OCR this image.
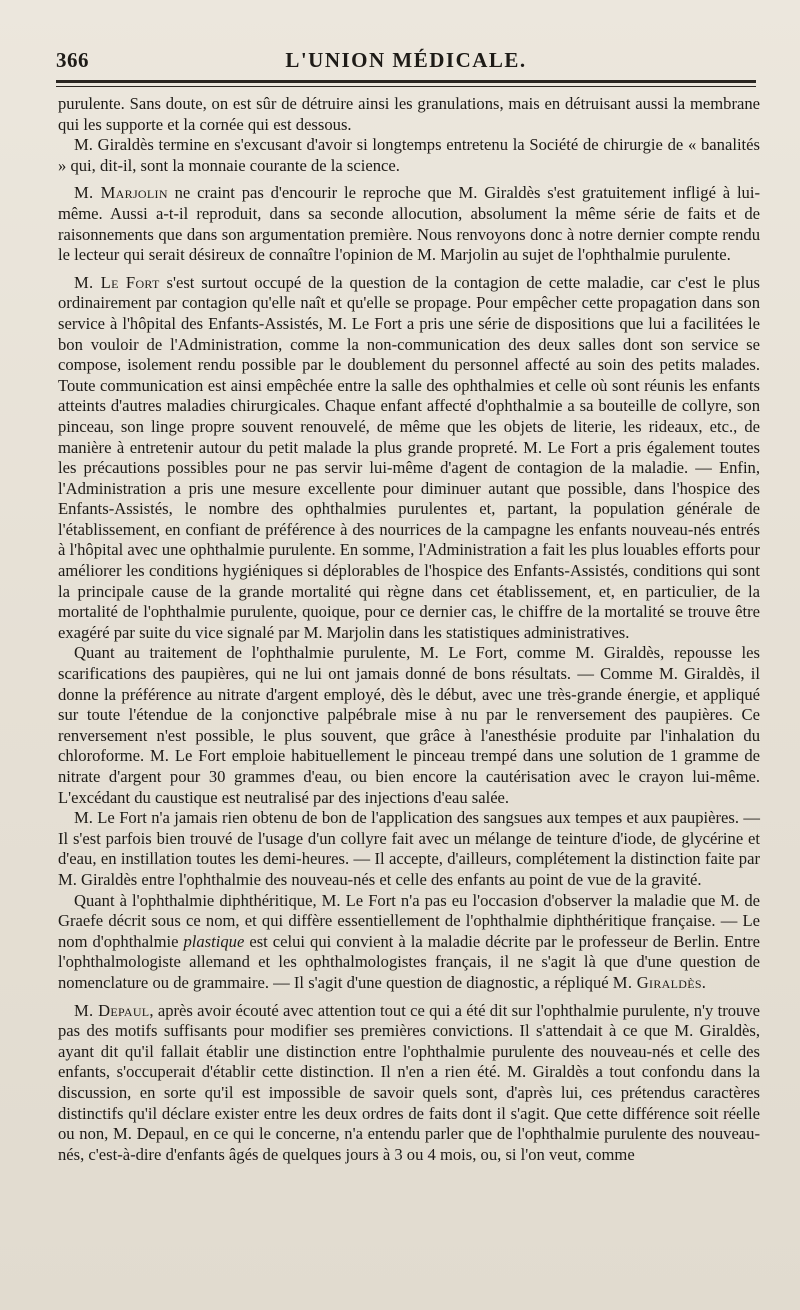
366	L'UNION MÉDICALE.

purulente. Sans doute, on est sûr de détruire ainsi les granulations, mais en détruisant aussi la membrane qui les supporte et la cornée qui est dessous.

M. Giraldès termine en s'excusant d'avoir si longtemps entretenu la Société de chirurgie de « banalités » qui, dit-il, sont la monnaie courante de la science.

M. Marjolin ne craint pas d'encourir le reproche que M. Giraldès s'est gratuitement infligé à lui-même. Aussi a-t-il reproduit, dans sa seconde allocution, absolument la même série de faits et de raisonnements que dans son argumentation première. Nous renvoyons donc à notre dernier compte rendu le lecteur qui serait désireux de connaître l'opinion de M. Marjolin au sujet de l'ophthalmie purulente.

M. Le Fort s'est surtout occupé de la question de la contagion de cette maladie, car c'est le plus ordinairement par contagion qu'elle naît et qu'elle se propage. Pour empêcher cette propagation dans son service à l'hôpital des Enfants-Assistés, M. Le Fort a pris une série de dispositions que lui a facilitées le bon vouloir de l'Administration, comme la non-communication des deux salles dont son service se compose, isolement rendu possible par le doublement du personnel affecté au soin des petits malades. Toute communication est ainsi empêchée entre la salle des ophthalmies et celle où sont réunis les enfants atteints d'autres maladies chirurgicales. Chaque enfant affecté d'ophthalmie a sa bouteille de collyre, son pinceau, son linge propre souvent renouvelé, de même que les objets de literie, les rideaux, etc., de manière à entretenir autour du petit malade la plus grande propreté. M. Le Fort a pris également toutes les précautions possibles pour ne pas servir lui-même d'agent de contagion de la maladie. — Enfin, l'Administration a pris une mesure excellente pour diminuer autant que possible, dans l'hospice des Enfants-Assistés, le nombre des ophthalmies purulentes et, partant, la population générale de l'établissement, en confiant de préférence à des nourrices de la campagne les enfants nouveau-nés entrés à l'hôpital avec une ophthalmie purulente. En somme, l'Administration a fait les plus louables efforts pour améliorer les conditions hygiéniques si déplorables de l'hospice des Enfants-Assistés, conditions qui sont la principale cause de la grande mortalité qui règne dans cet établissement, et, en particulier, de la mortalité de l'ophthalmie purulente, quoique, pour ce dernier cas, le chiffre de la mortalité se trouve être exagéré par suite du vice signalé par M. Marjolin dans les statistiques administratives.

Quant au traitement de l'ophthalmie purulente, M. Le Fort, comme M. Giraldès, repousse les scarifications des paupières, qui ne lui ont jamais donné de bons résultats. — Comme M. Giraldès, il donne la préférence au nitrate d'argent employé, dès le début, avec une très-grande énergie, et appliqué sur toute l'étendue de la conjonctive palpébrale mise à nu par le renversement des paupières. Ce renversement n'est possible, le plus souvent, que grâce à l'anesthésie produite par l'inhalation du chloroforme. M. Le Fort emploie habituellement le pinceau trempé dans une solution de 1 gramme de nitrate d'argent pour 30 grammes d'eau, ou bien encore la cautérisation avec le crayon lui-même. L'excédant du caustique est neutralisé par des injections d'eau salée.

M. Le Fort n'a jamais rien obtenu de bon de l'application des sangsues aux tempes et aux paupières. — Il s'est parfois bien trouvé de l'usage d'un collyre fait avec un mélange de teinture d'iode, de glycérine et d'eau, en instillation toutes les demi-heures. — Il accepte, d'ailleurs, complétement la distinction faite par M. Giraldès entre l'ophthalmie des nouveau-nés et celle des enfants au point de vue de la gravité.

Quant à l'ophthalmie diphthéritique, M. Le Fort n'a pas eu l'occasion d'observer la maladie que M. de Graefe décrit sous ce nom, et qui diffère essentiellement de l'ophthalmie diphthéritique française. — Le nom d'ophthalmie plastique est celui qui convient à la maladie décrite par le professeur de Berlin. Entre l'ophthalmologiste allemand et les ophthalmologistes français, il ne s'agit là que d'une question de nomenclature ou de grammaire. — Il s'agit d'une question de diagnostic, a répliqué M. Giraldès.

M. Depaul, après avoir écouté avec attention tout ce qui a été dit sur l'ophthalmie purulente, n'y trouve pas des motifs suffisants pour modifier ses premières convictions. Il s'attendait à ce que M. Giraldès, ayant dit qu'il fallait établir une distinction entre l'ophthalmie purulente des nouveau-nés et celle des enfants, s'occuperait d'établir cette distinction. Il n'en a rien été. M. Giraldès a tout confondu dans la discussion, en sorte qu'il est impossible de savoir quels sont, d'après lui, ces prétendus caractères distinctifs qu'il déclare exister entre les deux ordres de faits dont il s'agit. Que cette différence soit réelle ou non, M. Depaul, en ce qui le concerne, n'a entendu parler que de l'ophthalmie purulente des nouveau-nés, c'est-à-dire d'enfants âgés de quelques jours à 3 ou 4 mois, ou, si l'on veut, comme
